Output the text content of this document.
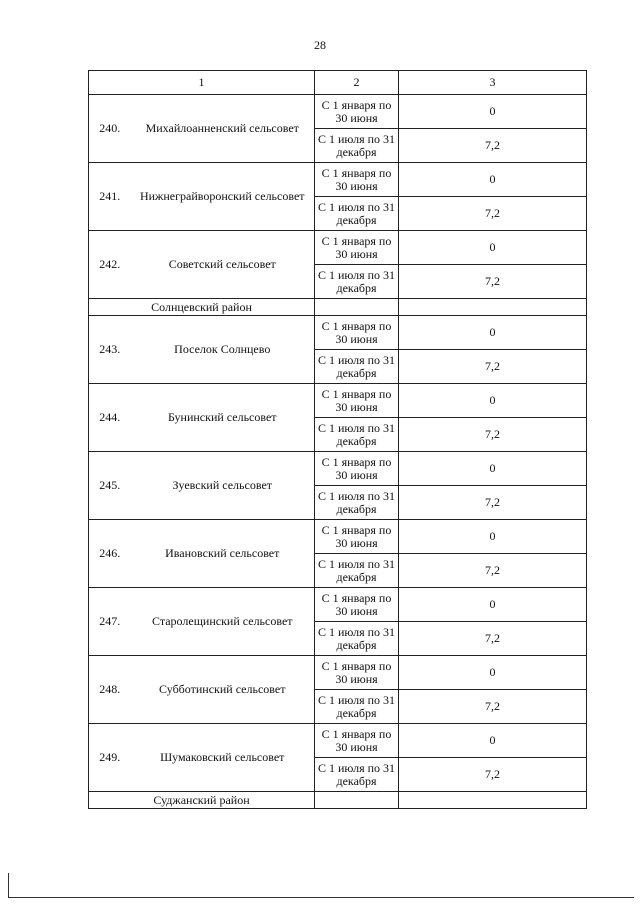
28
1		2	3
240.	Михайлоанненский сельсовет	С 1 января по 30 июня	0
		С 1 июля по 31 декабря	7,2
241.	Нижнеграйворонский сельсовет	С 1 января по 30 июня	0
		С 1 июля по 31 декабря	7,2
242.	Советский сельсовет	С 1 января по 30 июня	0
		С 1 июля по 31 декабря	7,2
Солнцевский район			
243.	Поселок Солнцево	С 1 января по 30 июня	0
		С 1 июля по 31 декабря	7,2
244.	Бунинский сельсовет	С 1 января по 30 июня	0
		С 1 июля по 31 декабря	7,2
245.	Зуевский сельсовет	С 1 января по 30 июня	0
		С 1 июля по 31 декабря	7,2
246.	Ивановский сельсовет	С 1 января по 30 июня	0
		С 1 июля по 31 декабря	7,2
247.	Старолещинский сельсовет	С 1 января по 30 июня	0
		С 1 июля по 31 декабря	7,2
248.	Субботинский сельсовет	С 1 января по 30 июня	0
		С 1 июля по 31 декабря	7,2
249.	Шумаковский сельсовет	С 1 января по 30 июня	0
		С 1 июля по 31 декабря	7,2
Суджанский район			
